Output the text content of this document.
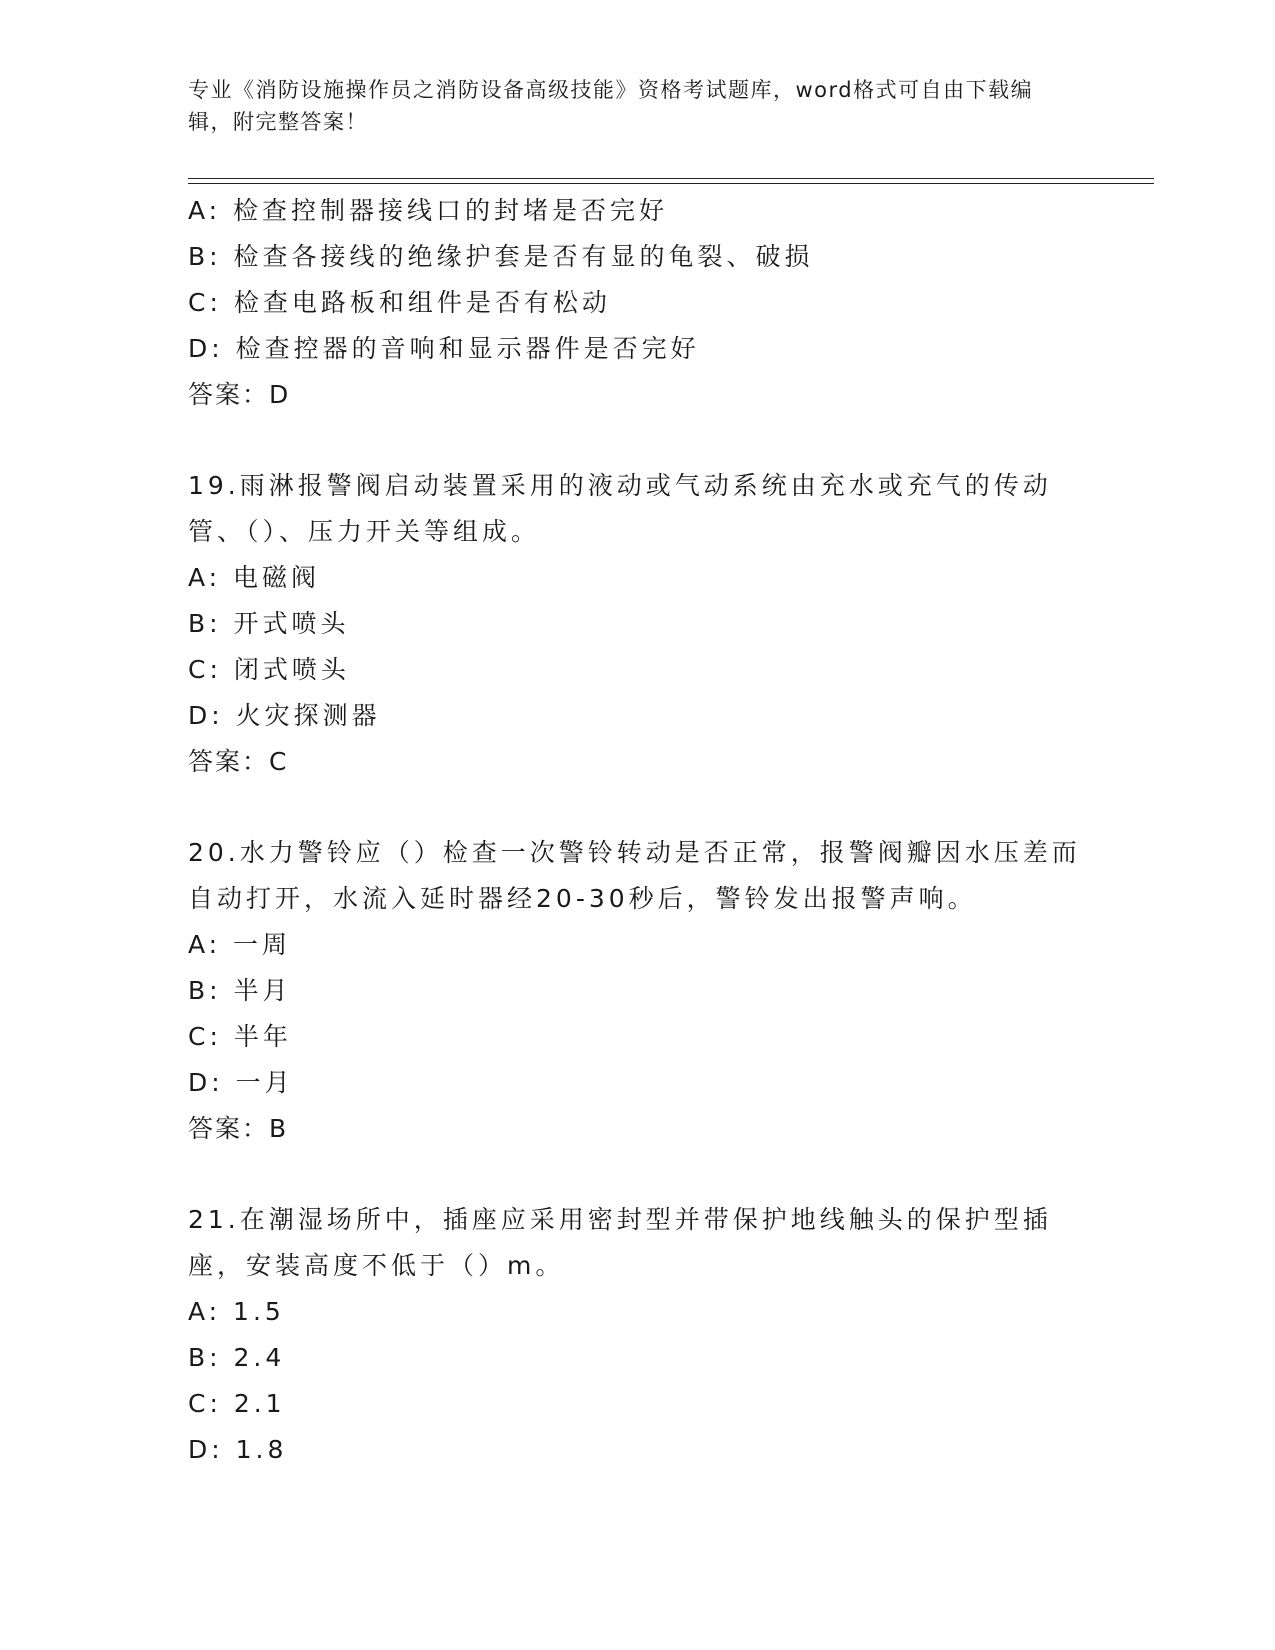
专业《消防设施操作员之消防设备高级技能》资格考试题库，word格式可自由下载编辑，附完整答案！
A: 检查控制器接线口的封堵是否完好
B: 检查各接线的绝缘护套是否有显的龟裂、破损
C: 检查电路板和组件是否有松动
D: 检查控器的音响和显示器件是否完好
答案：D
19.雨淋报警阀启动装置采用的液动或气动系统由充水或充气的传动管、（）、压力开关等组成。
A: 电磁阀
B: 开式喷头
C: 闭式喷头
D: 火灾探测器
答案：C
20.水力警铃应（）检查一次警铃转动是否正常，报警阀瓣因水压差而自动打开，水流入延时器经20-30秒后，警铃发出报警声响。
A: 一周
B: 半月
C: 半年
D: 一月
答案：B
21.在潮湿场所中，插座应采用密封型并带保护地线触头的保护型插座，安装高度不低于（）m。
A: 1.5
B: 2.4
C: 2.1
D: 1.8
